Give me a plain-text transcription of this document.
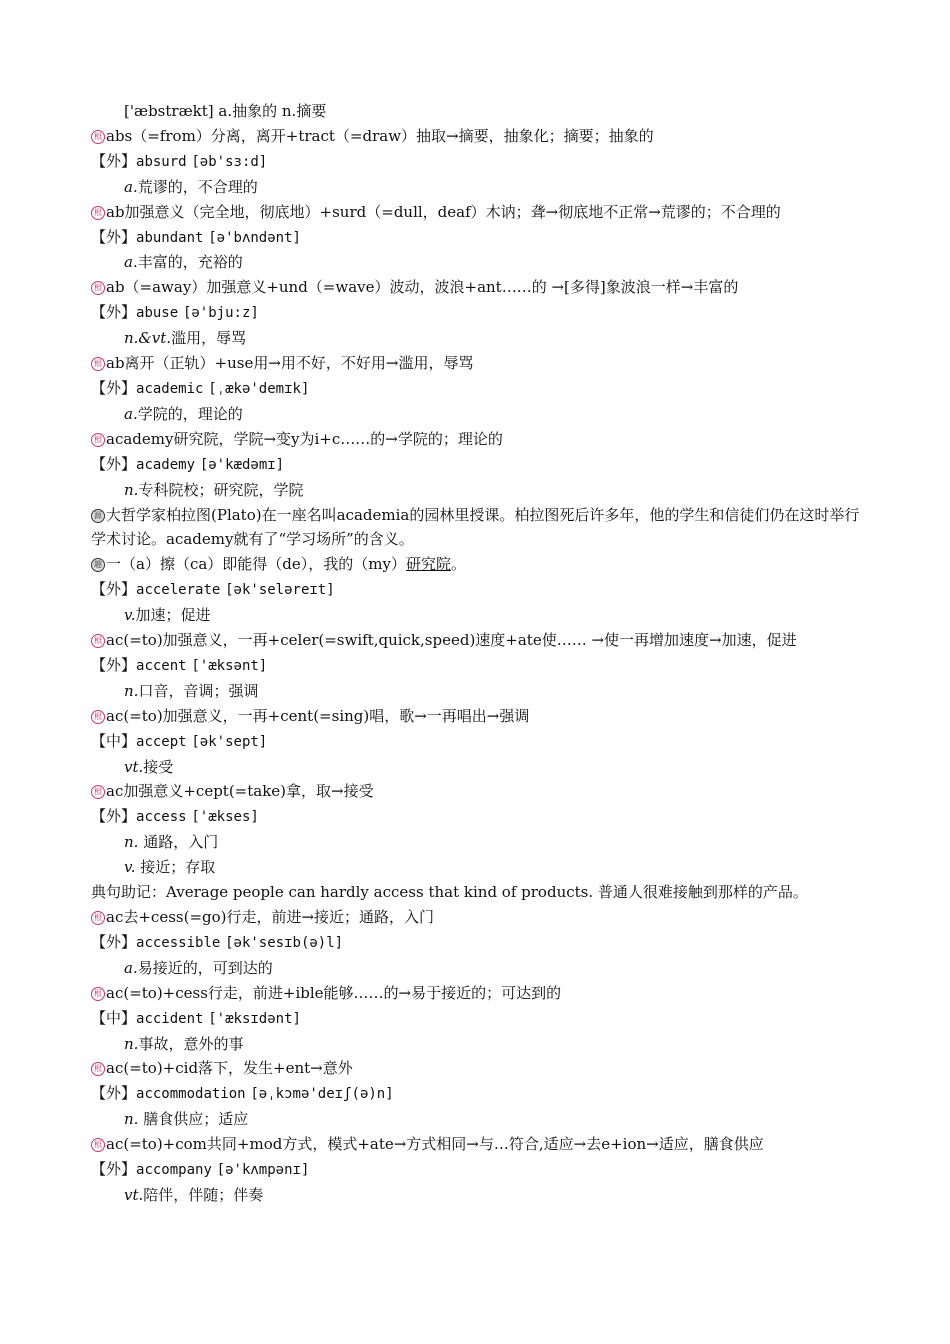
['æbstrækt] a.抽象的 n.摘要
根 abs（=from）分离，离开+tract（=draw）抽取→摘要，抽象化；摘要；抽象的
【外】absurd [əb'sɜ:d]
a.荒谬的，不合理的
根 ab加强意义（完全地，彻底地）+surd（=dull，deaf）木讷；聋→彻底地不正常→荒谬的；不合理的
【外】abundant [ə'bʌndənt]
a.丰富的，充裕的
根 ab（=away）加强意义+und（=wave）波动，波浪+ant……的 →[多得]象波浪一样→丰富的
【外】abuse [ə'bju:z]
n.&vt.滥用，辱骂
根 ab离开（正轨）+use用→用不好，不好用→滥用，辱骂
【外】academic [ˌækə'demɪk]
a.学院的，理论的
根 academy研究院，学院→变y为i+c……的→学院的；理论的
【外】academy [ə'kædəmɪ]
n.专科院校；研究院，学院
源 大哲学家柏拉图(Plato)在一座名叫academia的园林里授课。柏拉图死后许多年，他的学生和信徒们仍在这时举行学术讨论。academy就有了“学习场所”的含义。
趣 一（a）擦（ca）即能得（de），我的（my）研究院。
【外】accelerate [ək'seləreɪt]
v.加速；促进
根 ac(=to)加强意义，一再+celer(=swift,quick,speed)速度+ate使…… →使一再增加速度→加速，促进
【外】accent ['æksənt]
n.口音，音调；强调
根 ac(=to)加强意义，一再+cent(=sing)唱，歌→一再唱出→强调
【中】accept [ək'sept]
vt.接受
根 ac加强意义+cept(=take)拿，取→接受
【外】access ['ækses]
n. 通路，入门
v. 接近；存取
典句助记：Average people can hardly access that kind of products. 普通人很难接触到那样的产品。
根 ac去+cess(=go)行走，前进→接近；通路，入门
【外】accessible [ək'sesɪb(ə)l]
a.易接近的，可到达的
根 ac(=to)+cess行走，前进+ible能够……的→易于接近的；可达到的
【中】accident ['æksɪdənt]
n.事故，意外的事
根 ac(=to)+cid落下，发生+ent→意外
【外】accommodation [əˌkɔmə'deɪʃ(ə)n]
n. 膳食供应；适应
根 ac(=to)+com共同+mod方式，模式+ate→方式相同→与…符合,适应→去e+ion→适应，膳食供应
【外】accompany [ə'kʌmpənɪ]
vt.陪伴，伴随；伴奏
